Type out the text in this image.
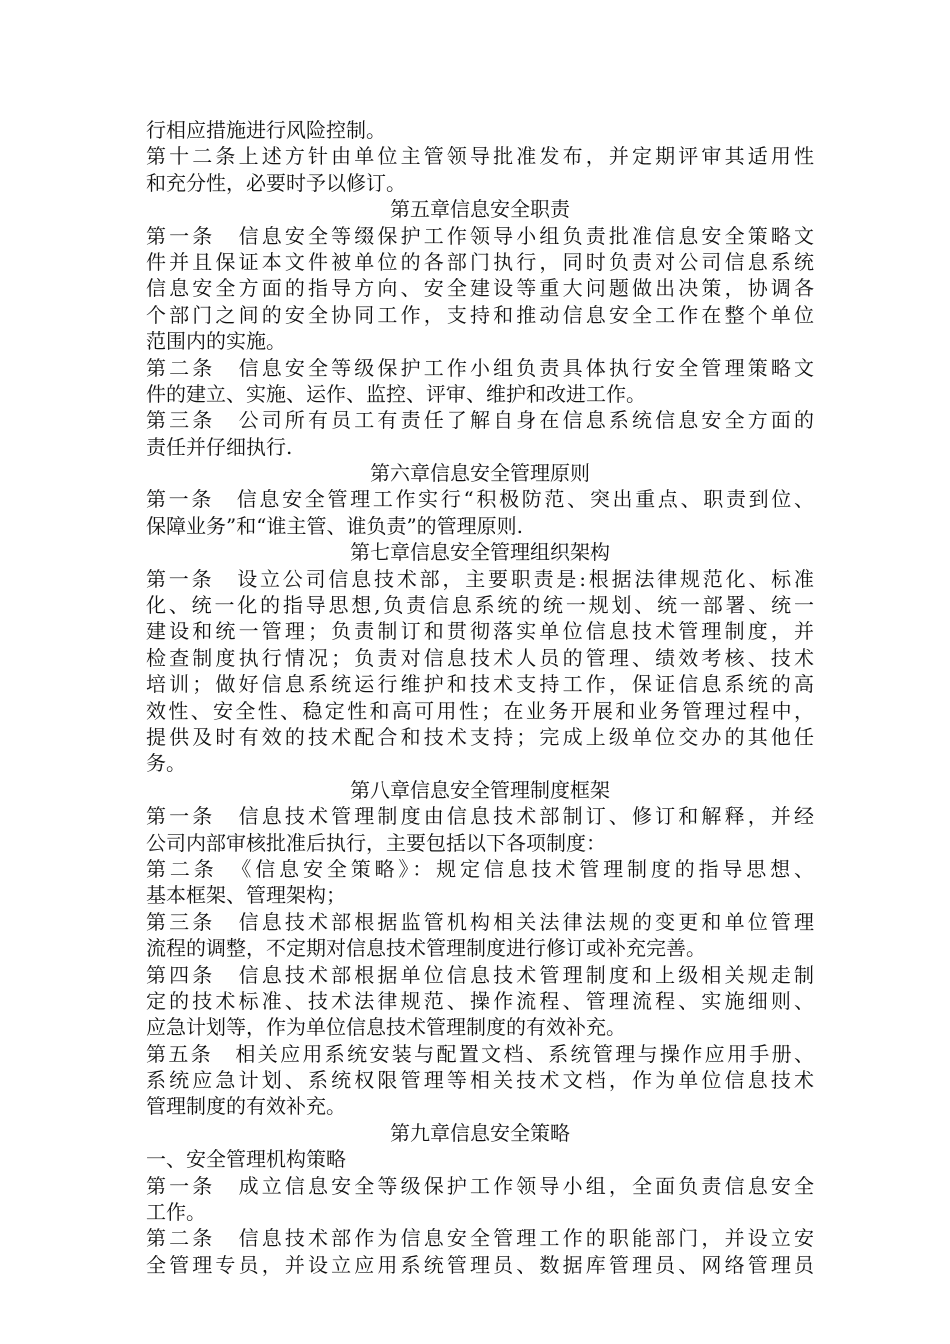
行相应措施进行风险控制。
第十二条上述方针由单位主管领导批准发布，并定期评审其适用性
和充分性，必要时予以修订。
第五章信息安全职责
第一条　信息安全等缀保护工作领导小组负责批准信息安全策略文
件并且保证本文件被单位的各部门执行，同时负责对公司信息系统
信息安全方面的指导方向、安全建设等重大问题做出决策，协调各
个部门之间的安全协同工作，支持和推动信息安全工作在整个单位
范围内的实施。
第二条　信息安全等级保护工作小组负责具体执行安全管理策略文
件的建立、实施、运作、监控、评审、维护和改进工作。
第三条　公司所有员工有责任了解自身在信息系统信息安全方面的
责任并仔细执行.
第六章信息安全管理原则
第一条　信息安全管理工作实行“积极防范、突出重点、职责到位、
保障业务”和“谁主管、谁负责”的管理原则.
第七章信息安全管理组织架构
第一条　设立公司信息技术部，主要职责是:根据法律规范化、标准
化、统一化的指导思想,负责信息系统的统一规划、统一部署、统一
建设和统一管理；负责制订和贯彻落实单位信息技术管理制度，并
检查制度执行情况；负责对信息技术人员的管理、绩效考核、技术
培训；做好信息系统运行维护和技术支持工作，保证信息系统的高
效性、安全性、稳定性和高可用性；在业务开展和业务管理过程中，
提供及时有效的技术配合和技术支持；完成上级单位交办的其他任
务。
第八章信息安全管理制度框架
第一条　信息技术管理制度由信息技术部制订、修订和解释，并经
公司内部审核批准后执行，主要包括以下各项制度：
第二条　《信息安全策略》：规定信息技术管理制度的指导思想、
基本框架、管理架构；
第三条　信息技术部根据监管机构相关法律法规的变更和单位管理
流程的调整，不定期对信息技术管理制度进行修订或补充完善。
第四条　信息技术部根据单位信息技术管理制度和上级相关规走制
定的技术标准、技术法律规范、操作流程、管理流程、实施细则、
应急计划等，作为单位信息技术管理制度的有效补充。
第五条　相关应用系统安装与配置文档、系统管理与操作应用手册、
系统应急计划、系统权限管理等相关技术文档，作为单位信息技术
管理制度的有效补充。
第九章信息安全策略
一、安全管理机构策略
第一条　成立信息安全等级保护工作领导小组，全面负责信息安全
工作。
第二条　信息技术部作为信息安全管理工作的职能部门，并设立安
全管理专员，并设立应用系统管理员、数据库管理员、网络管理员
